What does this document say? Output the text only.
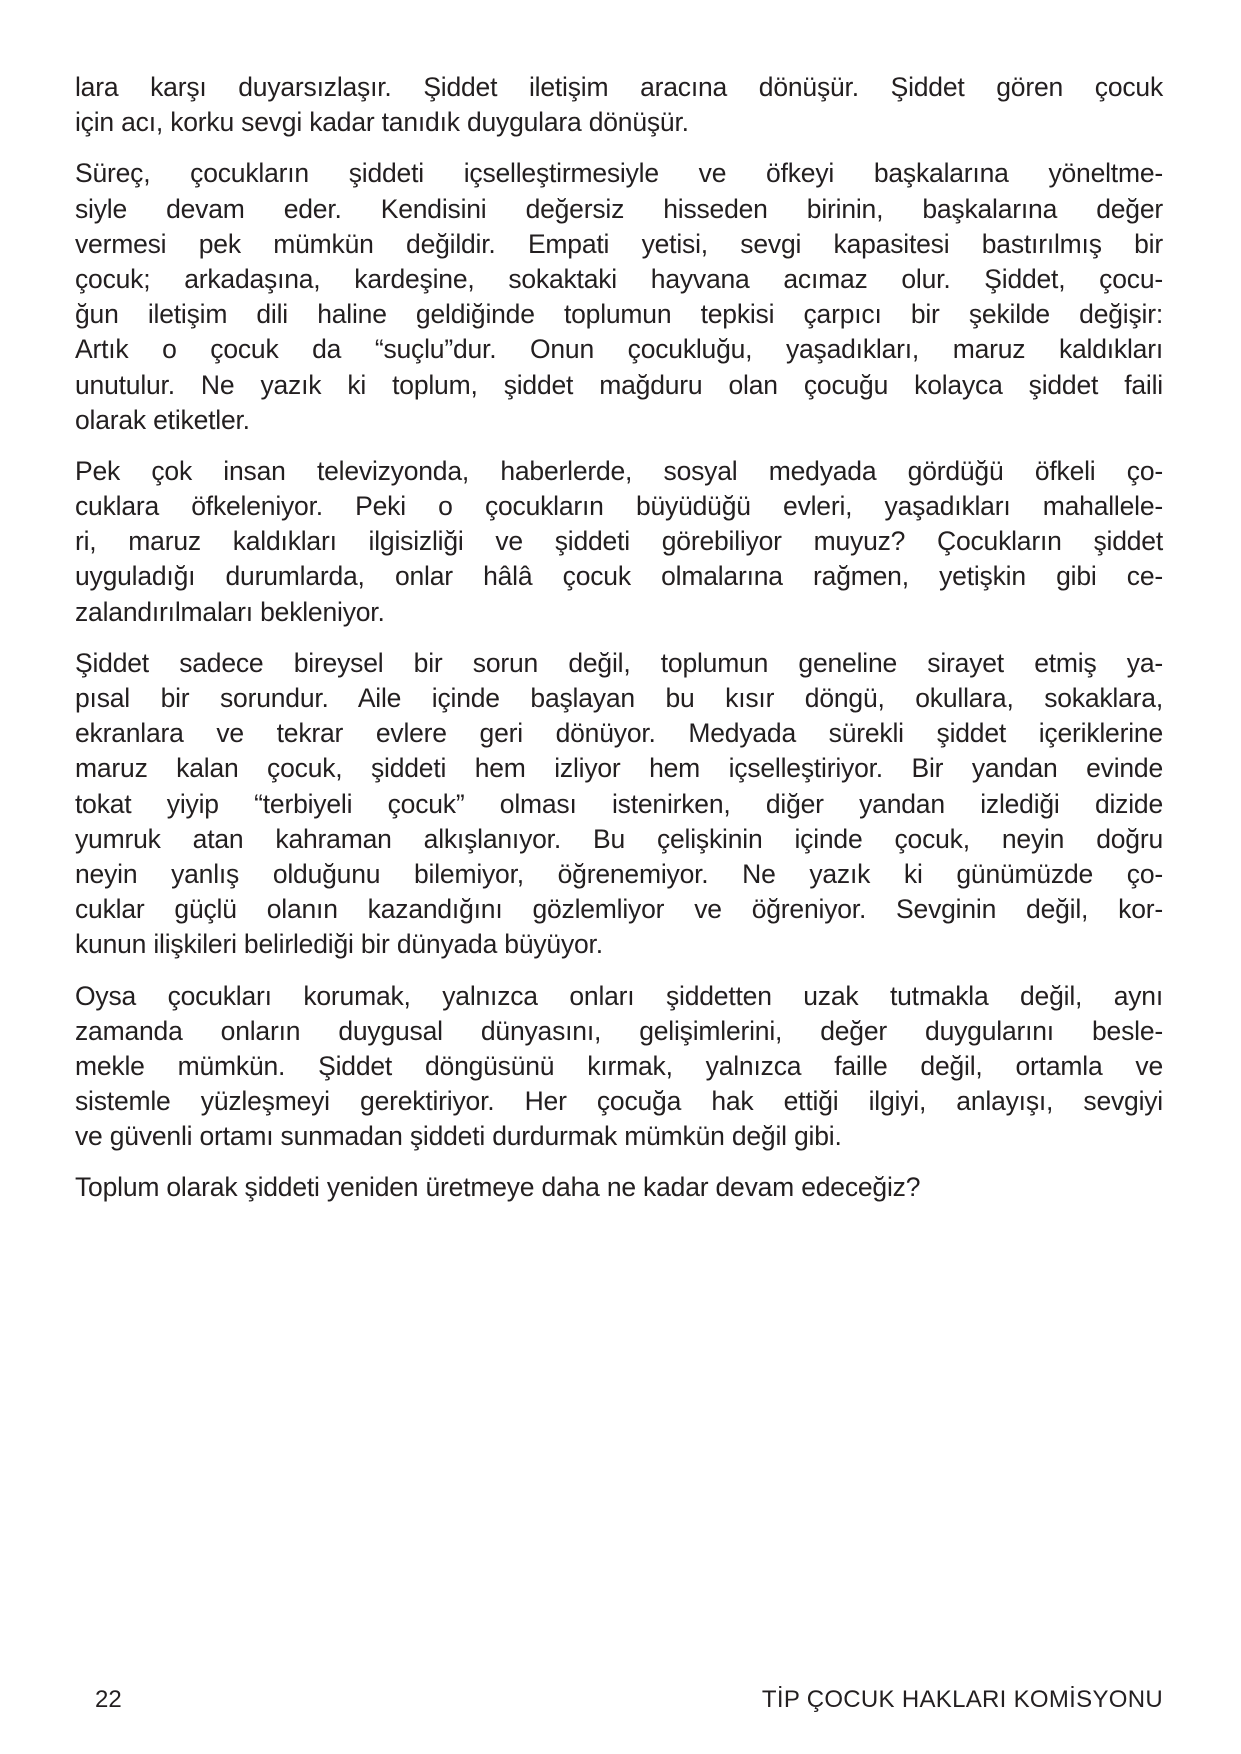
lara karşı duyarsızlaşır. Şiddet iletişim aracına dönüşür. Şiddet gören çocuk
için acı, korku sevgi kadar tanıdık duygulara dönüşür.

Süreç, çocukların şiddeti içselleştirmesiyle ve öfkeyi başkalarına yöneltme-
siyle devam eder. Kendisini değersiz hisseden birinin, başkalarına değer
vermesi pek mümkün değildir. Empati yetisi, sevgi kapasitesi bastırılmış bir
çocuk; arkadaşına, kardeşine, sokaktaki hayvana acımaz olur. Şiddet, çocu-
ğun iletişim dili haline geldiğinde toplumun tepkisi çarpıcı bir şekilde değişir:
Artık o çocuk da “suçlu”dur. Onun çocukluğu, yaşadıkları, maruz kaldıkları
unutulur. Ne yazık ki toplum, şiddet mağduru olan çocuğu kolayca şiddet faili
olarak etiketler.

Pek çok insan televizyonda, haberlerde, sosyal medyada gördüğü öfkeli ço-
cuklara öfkeleniyor. Peki o çocukların büyüdüğü evleri, yaşadıkları mahallele-
ri, maruz kaldıkları ilgisizliği ve şiddeti görebiliyor muyuz? Çocukların şiddet
uyguladığı durumlarda, onlar hâlâ çocuk olmalarına rağmen, yetişkin gibi ce-
zalandırılmaları bekleniyor.

Şiddet sadece bireysel bir sorun değil, toplumun geneline sirayet etmiş ya-
pısal bir sorundur. Aile içinde başlayan bu kısır döngü, okullara, sokaklara,
ekranlara ve tekrar evlere geri dönüyor. Medyada sürekli şiddet içeriklerine
maruz kalan çocuk, şiddeti hem izliyor hem içselleştiriyor. Bir yandan evinde
tokat yiyip “terbiyeli çocuk” olması istenirken, diğer yandan izlediği dizide
yumruk atan kahraman alkışlanıyor. Bu çelişkinin içinde çocuk, neyin doğru
neyin yanlış olduğunu bilemiyor, öğrenemiyor. Ne yazık ki günümüzde ço-
cuklar güçlü olanın kazandığını gözlemliyor ve öğreniyor. Sevginin değil, kor-
kunun ilişkileri belirlediği bir dünyada büyüyor.

Oysa çocukları korumak, yalnızca onları şiddetten uzak tutmakla değil, aynı
zamanda onların duygusal dünyasını, gelişimlerini, değer duygularını besle-
mekle mümkün. Şiddet döngüsünü kırmak, yalnızca faille değil, ortamla ve
sistemle yüzleşmeyi gerektiriyor. Her çocuğa hak ettiği ilgiyi, anlayışı, sevgiyi
ve güvenli ortamı sunmadan şiddeti durdurmak mümkün değil gibi.

Toplum olarak şiddeti yeniden üretmeye daha ne kadar devam edeceğiz?

22	TİP ÇOCUK HAKLARI KOMİSYONU
